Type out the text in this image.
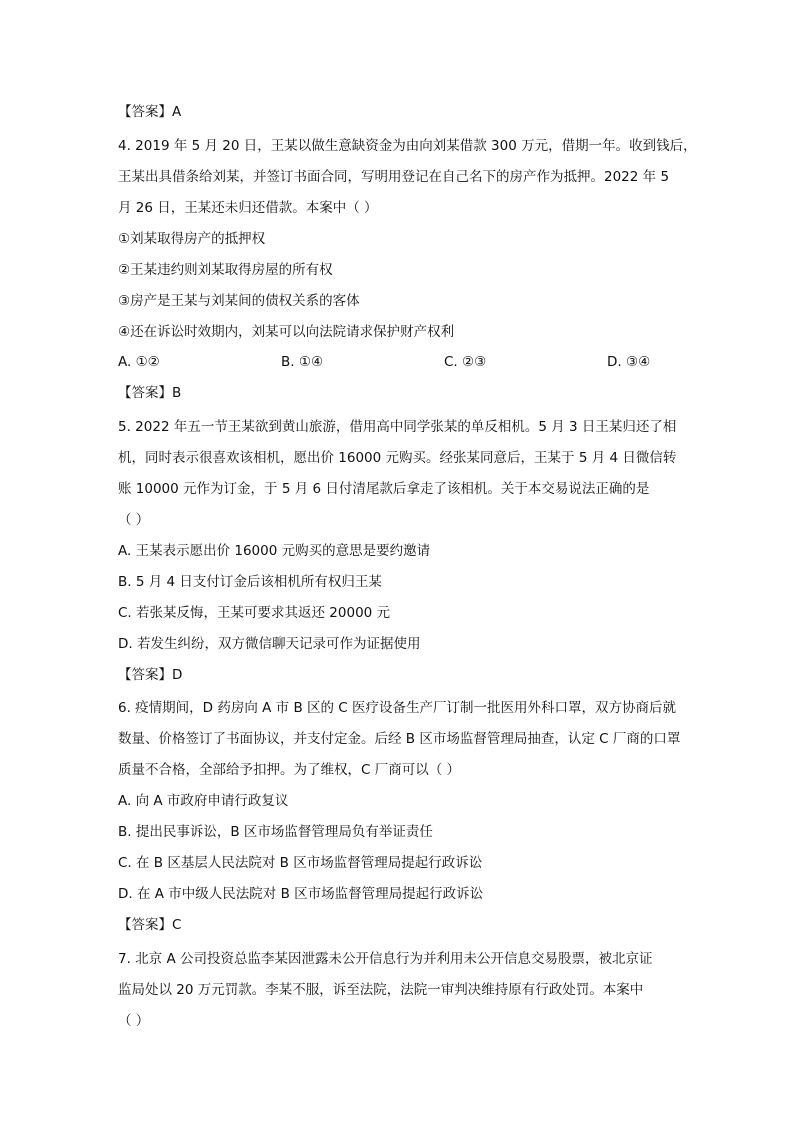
【答案】A

4. 2019 年 5 月 20 日，王某以做生意缺资金为由向刘某借款 300 万元，借期一年。收到钱后，

王某出具借条给刘某，并签订书面合同，写明用登记在自己名下的房产作为抵押。2022 年 5

月 26 日，王某还未归还借款。本案中（ ）

①刘某取得房产的抵押权

②王某违约则刘某取得房屋的所有权

③房产是王某与刘某间的债权关系的客体

④还在诉讼时效期内，刘某可以向法院请求保护财产权利

A. ①②	B. ①④	C. ②③	D. ③④

【答案】B

5. 2022 年五一节王某欲到黄山旅游，借用高中同学张某的单反相机。5 月 3 日王某归还了相

机，同时表示很喜欢该相机，愿出价 16000 元购买。经张某同意后，王某于 5 月 4 日微信转

账 10000 元作为订金，于 5 月 6 日付清尾款后拿走了该相机。关于本交易说法正确的是

（ ）

A. 王某表示愿出价 16000 元购买的意思是要约邀请

B. 5 月 4 日支付订金后该相机所有权归王某

C. 若张某反悔，王某可要求其返还 20000 元

D. 若发生纠纷，双方微信聊天记录可作为证据使用

【答案】D

6. 疫情期间，D 药房向 A 市 B 区的 C 医疗设备生产厂订制一批医用外科口罩，双方协商后就

数量、价格签订了书面协议，并支付定金。后经 B 区市场监督管理局抽查，认定 C 厂商的口罩

质量不合格，全部给予扣押。为了维权，C 厂商可以（ ）

A. 向 A 市政府申请行政复议

B. 提出民事诉讼，B 区市场监督管理局负有举证责任

C. 在 B 区基层人民法院对 B 区市场监督管理局提起行政诉讼

D. 在 A 市中级人民法院对 B 区市场监督管理局提起行政诉讼

【答案】C

7. 北京 A 公司投资总监李某因泄露未公开信息行为并利用未公开信息交易股票，被北京证

监局处以 20 万元罚款。李某不服，诉至法院，法院一审判决维持原有行政处罚。本案中

（ ）
